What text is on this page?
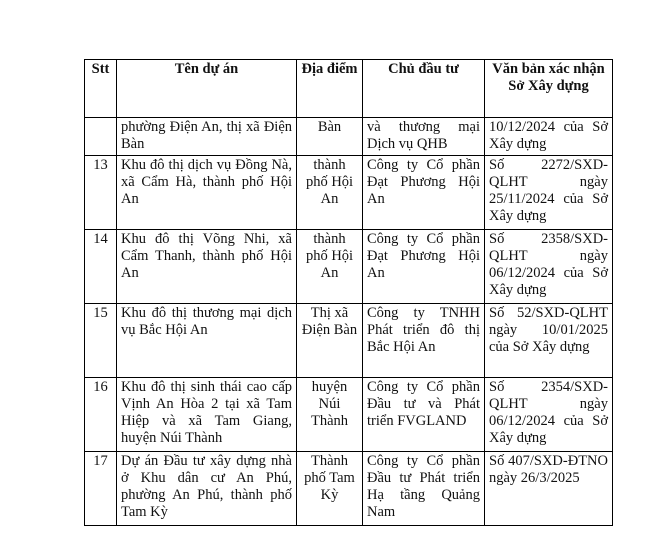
Stt	Tên dự án	Địa điểm	Chủ đầu tư	Văn bản xác nhận Sở Xây dựng
	phường Điện An, thị xã Điện Bàn	Bàn	và thương mại Dịch vụ QHB	10/12/2024 của Sở Xây dựng
13	Khu đô thị dịch vụ Đồng Nà, xã Cẩm Hà, thành phố Hội An	thành phố Hội An	Công ty Cổ phần Đạt Phương Hội An	Số 2272/SXD-QLHT ngày 25/11/2024 của Sở Xây dựng
14	Khu đô thị Võng Nhi, xã Cẩm Thanh, thành phố Hội An	thành phố Hội An	Công ty Cổ phần Đạt Phương Hội An	Số 2358/SXD-QLHT ngày 06/12/2024 của Sở Xây dựng
15	Khu đô thị thương mại dịch vụ Bắc Hội An	Thị xã Điện Bàn	Công ty TNHH Phát triển đô thị Bắc Hội An	Số 52/SXD-QLHT ngày 10/01/2025 của Sở Xây dựng
16	Khu đô thị sinh thái cao cấp Vịnh An Hòa 2 tại xã Tam Hiệp và xã Tam Giang, huyện Núi Thành	huyện Núi Thành	Công ty Cổ phần Đầu tư và Phát triển FVGLAND	Số 2354/SXD-QLHT ngày 06/12/2024 của Sở Xây dựng
17	Dự án Đầu tư xây dựng nhà ở Khu dân cư An Phú, phường An Phú, thành phố Tam Kỳ	Thành phố Tam Kỳ	Công ty Cổ phần Đầu tư Phát triển Hạ tầng Quảng Nam	Số 407/SXD-ĐTNO ngày 26/3/2025
